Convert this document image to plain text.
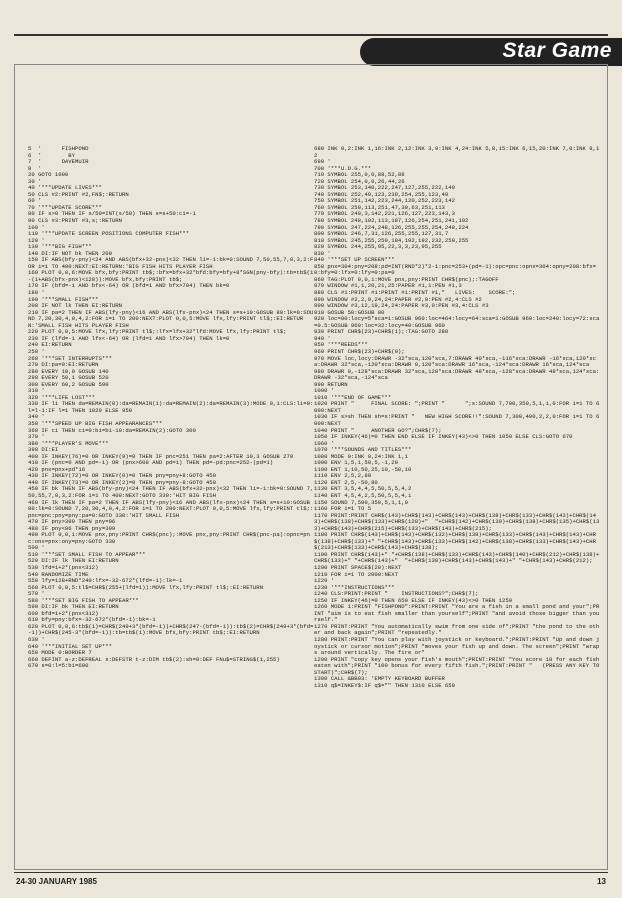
Star Game
5  '      FISHPOND
6  '        BY
7  '      DAVEMUIR
8  '
20 GOTO 1000
30 '
40 '***UPDATE LIVES***
50 CLS #2:PRINT #2,FN$;:RETURN
60 '
70 '***UPDATE SCORE***
80 IF s>0 THEN IF s/50=INT(s/50) THEN s=s+50:ci=-1
90 CLS #3:PRINT #3,s;:RETURN
100 '
110 '***UPDATE SCREEN POSITIONS COMPUTER FISH***
120 '
130 '***BIG FISH***
140 DI:IF NOT bk THEN 200
150 IF ABS(bfy-pny)<24 AND ABS(bfx+32-pnx)<32 THEN li=-1:bk=0:SOUND 7,50,55,7,0,3,2:FOR i=1 TO 400:NEXT:EI:RETURN:'BIG FISH HITS PLAYER FISH
160 PLOT 0,0,6:MOVE bfx,bfy:PRINT tb$;:bfx=bfx+32*bfd:bfy=bfy+8*SGN(pny-bfy):tb=tb$(1-(1+ABS(bfx-pnx)<128)):MOVE bfx,bfy:PRINT tb$;
170 IF (bfd=-1 AND bfx<-64) OR (bfd=1 AND bfx>704) THEN bk=0
180 '
190 '***SMALL FISH***
200 IF NOT lk THEN EI:RETURN
210 IF pa=2 THEN IF ABS(lfy-pny)<16 AND ABS(lfx-pnx)<24 THEN s=s+10:GOSUB 80:lk=0:SOUND 7,20,30,4,0,4,2:FOR i=1 TO 200:NEXT:PLOT 0,0,5:MOVE lfx,lfy:PRINT tl$;:EI:RETURN:'SMALL FISH HITS PLAYER FISH
220 PLOT 0,0,5:MOVE lfx,lfy:PRINT tl$;:lfx=lfx+32*lfd:MOVE lfx,lfy:PRINT tl$;
230 IF (lfd=-1 AND lfx<-64) OR (lfd=1 AND lfx>704) THEN lk=0
240 EI:RETURN
250 '
260 '***SET INTERRUPTS***
270 DI:pa=0:EI:RETURN
280 EVERY 10,0 GOSUB 140
290 EVERY 50,1 GOSUB 520
300 EVERY 60,2 GOSUB 590
310 '
320 '***LIFE LOST***
330 IF li THEN da=REMAIN(0):da=REMAIN(1):da=REMAIN(2):da=REMAIN(3):MODE 0,1:CLS:li=0:l=l-1:IF l=1 THEN 1020 ELSE 950
340 '
350 '***SPEED UP BIG FISH APPEARANCES***
360 IF ci THEN ci=0:bi=bi-10:da=REMAIN(2):GOTO 300
370 '
380 '***PLAYER'S MOVE***
390 DI:EI
400 IF INKEY(76)=0 OR INKEY(9)=0 THEN IF pnc=251 THEN pa=2:AFTER 10,3 GOSUB 270
410 IF (pnc=0 AND pd=-1) OR (pnx>608 AND pd=1) THEN pd=-pd:pnc=252-(pd=1)
420 pnx=pnx+pd*16
430 IF INKEY(72)=0 OR INKEY(0)=0 THEN pny=pny+8:GOTO 450
440 IF INKEY(73)=0 OR INKEY(2)=0 THEN pny=pny-8:GOTO 450
450 IF bk THEN IF ABS(bfy-pny)<24 THEN IF ABS(bfx+32-pnx)<32 THEN li=-1:bk=0:SOUND 7,50,55,7,0,3,2:FOR i=1 TO 400:NEXT:GOTO 330:'HIT BIG FISH
460 IF lk THEN IF pa=2 THEN IF ABS(lfy-pny)<16 AND ABS(lfx-pnx)<24 THEN s=s+10:GOSUB 80:lk=0:SOUND 7,20,30,4,0,4,2:FOR i=1 TO 200:NEXT:PLOT 0,0,5:MOVE lfx,lfy:PRINT tl$;:pnc=pnc:pny=pny:pa=0:GOTO 330:'HIT SMALL FISH
470 IF pny>399 THEN pny=96
480 IF pny<96 THEN pny=399
490 PLOT 0,0,1:MOVE pnx,pny:PRINT CHR$(pnc);:MOVE pnx,pny:PRINT CHR$(pnc-pa):opnc=pnc:onx=pnx:ony=pny:GOTO 330
500 '
510 '***SET SMALL FISH TO APPEAR***
520 DI:IF lk THEN EI:RETURN
530 lfd=1+2*(pnx<312)
540 RANDOMIZE TIME
550 lfy=128+RND*240:lfx=-32-672*(lfd=-1):lk=-1
560 PLOT 0,0,5:tl$=CHR$(255+(lfd=1)):MOVE lfx,lfy:PRINT tl$;:EI:RETURN
570 '
580 '***SET BIG FISH TO APPEAR***
590 DI:IF bk THEN EI:RETURN
600 bfd=1+2*(pnx<312)
610 bfy=pny:bfx=-32-672*(bfd=-1):bk=-1
620 PLOT 0,0,6:tb$(1)=CHR$(249+3*(bfd=-1))+CHR$(247-(bfd=-1)):tb$(2)=CHR$(249+3*(bfd=-1))+CHR$(245-3*(bfd=-1)):tb=tb$(1):MOVE bfx,bfy:PRINT tb$;:EI:RETURN
630 '
640 '***INITIAL SET UP***
650 MODE 0:BORDER 7
660 DEFINT a-z:DEFREAL s:DEFSTR t-z:DIM tb$(2):sh=0:DEF FNu$=STRING$(1,255)
670 s=0:l=5:bi=600
680 INK 0,2:INK 1,16:INK 2,12:INK 3,9:INK 4,24:INK 5,8,15:INK 6,15,20:INK 7,0:INK 8,12
690 '
700 '***U.D.G.***
710 SYMBOL 255,0,0,88,52,88
720 SYMBOL 254,0,0,26,44,26
730 SYMBOL 253,140,222,247,127,255,222,140
740 SYMBOL 252,49,123,239,254,255,123,49
750 SYMBOL 251,142,223,244,120,252,223,142
760 SYMBOL 250,113,251,47,30,63,251,113
770 SYMBOL 249,3,142,221,126,127,223,143,3
780 SYMBOL 248,192,113,187,126,254,251,241,192
790 SYMBOL 247,224,248,126,255,255,254,248,224
800 SYMBOL 246,7,31,126,255,255,127,31,7
810 SYMBOL 245,255,250,184,192,192,232,250,255
820 SYMBOL 244,255,95,22,3,3,23,95,255
830 '
840 '***SET UP SCREEN***
850 pnx=304:pny=208:pd=INT(RND*2)*2-1:pnc=253+(pd=-1):opc=pnc:opnx=304:opny=208:bfx=0:bfy=0:lfx=0:lfy=0:pa=0
860 TAG:PLOT 0,0,1:MOVE pnx,pny:PRINT CHR$(pnc);:TAGOFF
870 WINDOW #1,1,20,21,25:PAPER #1,1:PEN #1,3
880 CLS #1:PRINT #1:PRINT #1:PRINT #1,"   LIVES:    SCORE:";
890 WINDOW #2,2,9,24,24:PAPER #2,0:PEN #2,4:CLS #2
900 WINDOW #3,12,19,24,24:PAPER #3,0:PEN #3,4:CLS #3
910 GOSUB 50:GOSUB 80
920 loc=80:locy=5*sca=1:GOSUB 960:loc=464:locy=64:sca=1:GOSUB 960:loc=240:locy=72:sca=0.5:GOSUB 960:loc=32:locy=40:GOSUB 960
930 PRINT CHR$(23)+CHR$(1);:TAG:GOTO 280
940 '
950 '***REEDS***
960 PRINT CHR$(23)+CHR$(0);
970 MOVE loc,locy:DRAWR -32*sca,120*sca,7:DRAWR 40*sca,-116*sca:DRAWR -16*sca,120*sca:DRAWR 32*sca,-120*sca:DRAWR 0,120*sca:DRAWR 16*sca,-124*sca:DRAWR 16*sca,124*sca
980 DRAWR 0,-128*sca:DRAWR 32*sca,120*sca:DRAWR 48*sca,-128*sca:DRAWR 48*sca,124*sca:DRAWR -32*sca,-124*sca
990 RETURN
1000 '
1010 '***END OF GAME***
1020 PRINT "     FINAL SCORE: ";PRINT "      ";s:SOUND 7,700,350,5,1,1,0:FOR i=1 TO 6000:NEXT
1030 IF s>sh THEN sh=s:PRINT "   NEW HIGH SCORE!!":SOUND 7,300,400,2,2,0:FOR i=1 TO 6000:NEXT
1040 PRINT "     ANOTHER GO?";CHR$(7);
1050 IF INKEY(46)=0 THEN END ELSE IF INKEY(43)<>0 THEN 1050 ELSE CLS:GOTO 670
1060 '
1070 '***SOUNDS AND TITLES***
1080 MODE 0:INK 0,24:INK 1,1
1090 ENV 1,5,1,50,5,-1,20
1100 ENT 1,10,50,25,10,-50,10
1110 ENV 2,5,2,80
1120 ENT 2,5,-50,80
1130 ENT 3,5,4,4,5,50,5,5,4,2
1140 ENT 4,5,4,2,5,50,5,5,4,1
1150 SOUND 7,500,350,5,1,1,0
1160 FOR i=1 TO 5
1170 PRINT:PRINT CHR$(143)+CHR$(143)+CHR$(143)+CHR$(138)+CHR$(133)+CHR$(143)+CHR$(143)+CHR$(138)+CHR$(133)+CHR$(128)+"  "+CHR$(142)+CHR$(139)+CHR$(138)+CHR$(135)+CHR$(133)+CHR$(143)+CHR$(215)+CHR$(133)+CHR$(143)+CHR$(215);
1180 PRINT CHR$(143)+CHR$(143)+CHR$(132)+CHR$(138)+CHR$(133)+CHR$(143)+CHR$(143)+CHR$(138)+CHR$(133)+" "+CHR$(143)+CHR$(133)+CHR$(142)+CHR$(138)+CHR$(133)+CHR$(143)+CHR$(213)+CHR$(133)+CHR$(143)+CHR$(138);
1190 PRINT CHR$(143)+" "+CHR$(138)+CHR$(133)+CHR$(143)+CHR$(140)+CHR$(212)+CHR$(138)+CHR$(133)+" "+CHR$(143)+"  "+CHR$(138)+CHR$(143)+CHR$(143)+" "+CHR$(143)+CHR$(212);
1200 PRINT SPACE$(20):NEXT
1210 FOR i=1 TO 2000:NEXT
1220 '
1230 '***INSTRUCTIONS***
1240 CLS:PRINT:PRINT "    INSTRUCTIONS?";CHR$(7);
1250 IF INKEY(46)=0 THEN 650 ELSE IF INKEY(43)<>0 THEN 1250
1260 MODE 1:PRINT "FISHPOND":PRINT:PRINT "You are a fish in a small pond and your";PRINT "aim is to eat fish smaller than yourself";PRINT "and avoid those bigger than yourself."
1270 PRINT:PRINT "You automatically swim from one side of";PRINT "the pond to the other and back again";PRINT "repeatedly."
1280 PRINT:PRINT "You can play with joystick or keyboard.";PRINT:PRINT "Up and down joystick or cursor motion";PRINT "moves your fish up and down. The screen";PRINT "wraps around vertically. The fire or"
1290 PRINT "copy key opens your fish's mouth";PRINT:PRINT "You score 10 for each fish eaten with";PRINT "100 bonus for every fifth fish.";PRINT:PRINT "   (PRESS ANY KEY TO START)";CHR$(7);
1300 CALL &BB03: 'EMPTY KEYBOARD BUFFER
1310 q$=INKEY$:IF q$="" THEN 1310 ELSE 650
24-30 JANUARY 1985	13
